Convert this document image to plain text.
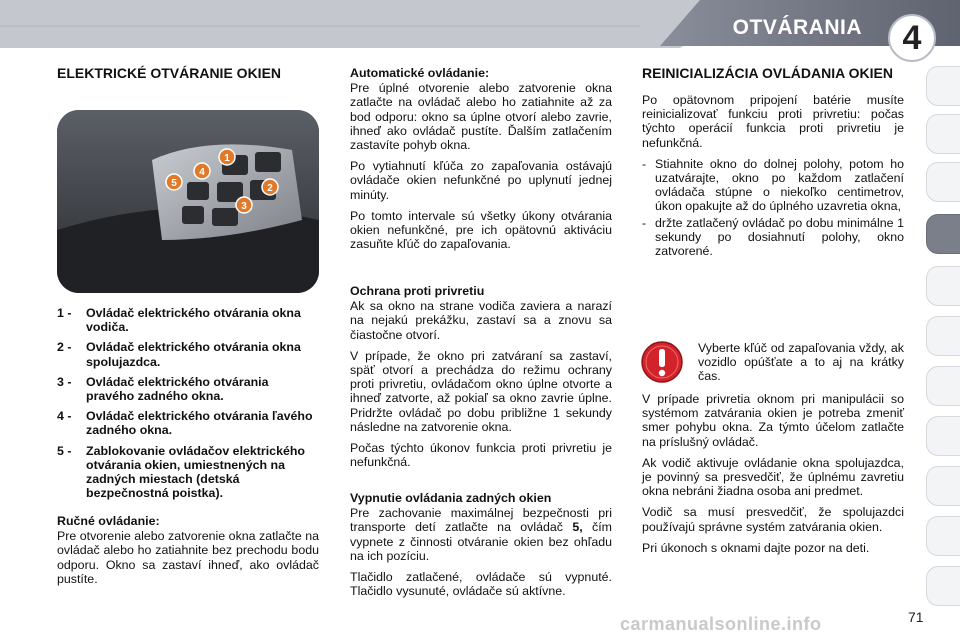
OTVÁRANIA	4
ELEKTRICKÉ OTVÁRANIE OKIEN
1
2
3
4
5
1 -	Ovládač elektrického otvárania okna vodiča.
2 -	Ovládač elektrického otvárania okna spolujazdca.
3 -	Ovládač elektrického otvárania pravého zadného okna.
4 -	Ovládač elektrického otvárania ľavého zadného okna.
5 -	Zablokovanie ovládačov elektrického otvárania okien, umiestnených na zadných miestach (detská bezpečnostná poistka).
Ručné ovládanie:

Pre otvorenie alebo zatvorenie okna zatlačte na ovládač alebo ho zatiahnite bez prechodu bodu odporu. Okno sa zastaví ihneď, ako ovládač pustíte.

Automatické ovládanie:

Pre úplné otvorenie alebo zatvorenie okna zatlačte na ovládač alebo ho zatiahnite až za bod odporu: okno sa úplne otvorí alebo zavrie, ihneď ako ovládač pustíte. Ďalším zatlačením zastavíte pohyb okna.

Po vytiahnutí kľúča zo zapaľovania ostávajú ovládače okien nefunkčné po uplynutí jednej minúty.

Po tomto intervale sú všetky úkony otvárania okien nefunkčné, pre ich opätovnú aktiváciu zasuňte kľúč do zapaľovania.

Ochrana proti privretiu

Ak sa okno na strane vodiča zaviera a narazí na nejakú prekážku, zastaví sa a znovu sa čiastočne otvorí.

V prípade, že okno pri zatváraní sa zastaví, späť otvorí a prechádza do režimu ochrany proti privretiu, ovládačom okno úplne otvorte a ihneď zatvorte, až pokiaľ sa okno zavrie úplne. Pridržte ovládač po dobu približne 1 sekundy následne na zatvorenie okna.

Počas týchto úkonov funkcia proti privretiu je nefunkčná.

Vypnutie ovládania zadných okien

Pre zachovanie maximálnej bezpečnosti pri transporte detí zatlačte na ovládač 5, čím vypnete z činnosti otváranie okien bez ohľadu na ich pozíciu.

Tlačidlo zatlačené, ovládače sú vypnuté. Tlačidlo vysunuté, ovládače sú aktívne.

REINICIALIZÁCIA OVLÁDANIA OKIEN

Po opätovnom pripojení batérie musíte reinicializovať funkciu proti privretiu: počas týchto operácií funkcia proti privretiu je nefunkčná.

- Stiahnite okno do dolnej polohy, potom ho uzatvárajte, okno po každom zatlačení ovládača stúpne o niekoľko centimetrov, úkon opakujte až do úplného uzavretia okna,
- držte zatlačený ovládač po dobu minimálne 1 sekundy po dosiahnutí polohy, okno zatvorené.
Vyberte kľúč od zapaľovania vždy, ak vozidlo opúšťate a to aj na krátky čas.

V prípade privretia oknom pri manipulácii so systémom zatvárania okien je potreba zmeniť smer pohybu okna. Za týmto účelom zatlačte na príslušný ovládač.

Ak vodič aktivuje ovládanie okna spolujazdca, je povinný sa presvedčiť, že úplnému zavretiu okna nebráni žiadna osoba ani predmet.

Vodič sa musí presvedčiť, že spolujazdci používajú správne systém zatvárania okien.

Pri úkonoch s oknami dajte pozor na deti.

carmanualsonline.info	71
